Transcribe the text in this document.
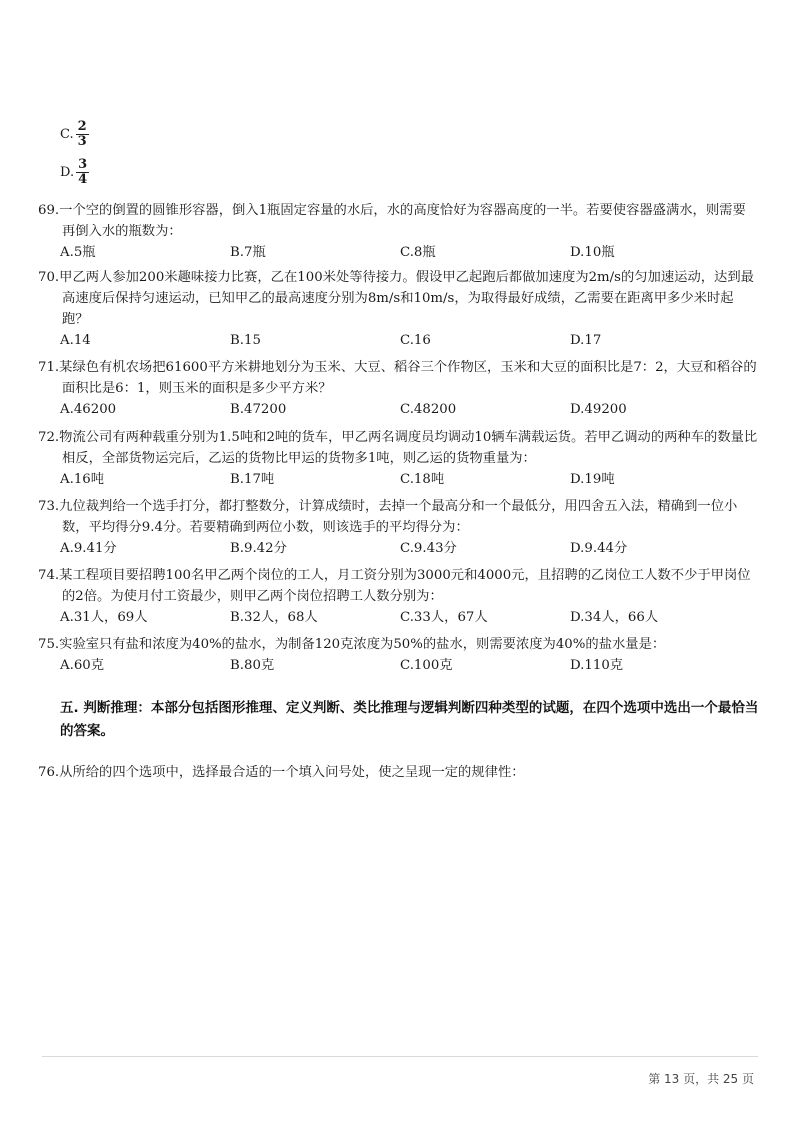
C. $\frac{2}{3}$
D. $\frac{3}{4}$

69.一个空的倒置的圆锥形容器，倒入1瓶固定容量的水后，水的高度恰好为容器高度的一半。若要使容器盛满水，则需要再倒入水的瓶数为：

A.5瓶	B.7瓶	C.8瓶	D.10瓶

70.甲乙两人参加200米趣味接力比赛，乙在100米处等待接力。假设甲乙起跑后都做加速度为2m/s的匀加速运动，达到最高速度后保持匀速运动，已知甲乙的最高速度分别为8m/s和10m/s，为取得最好成绩，乙需要在距离甲多少米时起跑？

A.14	B.15	C.16	D.17

71.某绿色有机农场把61600平方米耕地划分为玉米、大豆、稻谷三个作物区，玉米和大豆的面积比是7：2，大豆和稻谷的面积比是6：1，则玉米的面积是多少平方米？

A.46200	B.47200	C.48200	D.49200

72.物流公司有两种载重分别为1.5吨和2吨的货车，甲乙两名调度员均调动10辆车满载运货。若甲乙调动的两种车的数量比相反，全部货物运完后，乙运的货物比甲运的货物多1吨，则乙运的货物重量为：

A.16吨	B.17吨	C.18吨	D.19吨

73.九位裁判给一个选手打分，都打整数分，计算成绩时，去掉一个最高分和一个最低分，用四舍五入法，精确到一位小数，平均得分9.4分。若要精确到两位小数，则该选手的平均得分为：

A.9.41分	B.9.42分	C.9.43分	D.9.44分

74.某工程项目要招聘100名甲乙两个岗位的工人，月工资分别为3000元和4000元，且招聘的乙岗位工人数不少于甲岗位的2倍。为使月付工资最少，则甲乙两个岗位招聘工人数分别为：

A.31人，69人	B.32人，68人	C.33人，67人	D.34人，66人

75.实验室只有盐和浓度为40%的盐水，为制备120克浓度为50%的盐水，则需要浓度为40%的盐水量是：

A.60克	B.80克	C.100克	D.110克
五. 判断推理：本部分包括图形推理、定义判断、类比推理与逻辑判断四种类型的试题，在四个选项中选出一个最恰当的答案。
76.从所给的四个选项中，选择最合适的一个填入问号处，使之呈现一定的规律性：
第 13 页，共 25 页
